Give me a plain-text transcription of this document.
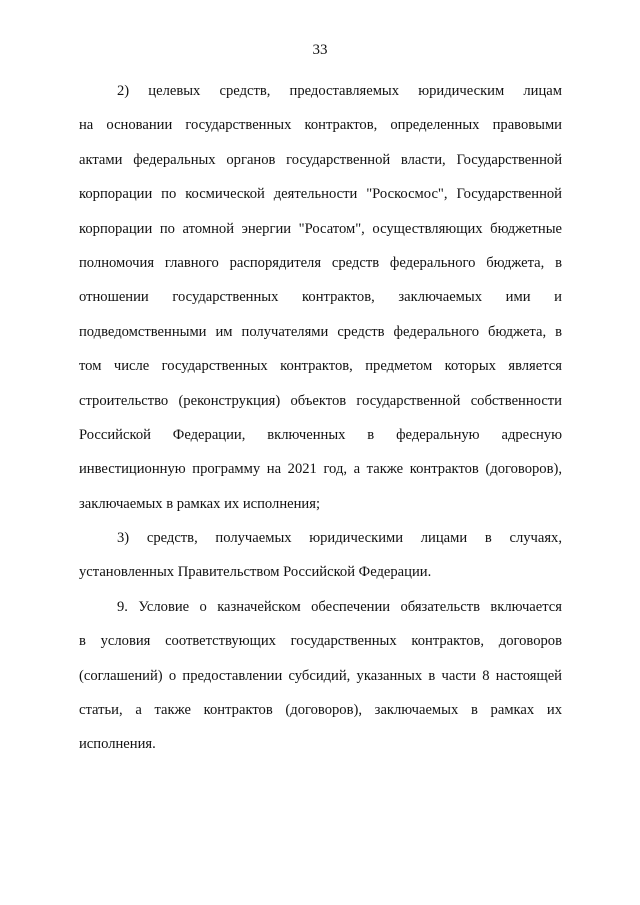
33
2) целевых средств, предоставляемых юридическим лицам
на основании государственных контрактов, определенных правовыми
актами федеральных органов государственной власти, Государственной
корпорации по космической деятельности "Роскосмос", Государственной
корпорации по атомной энергии "Росатом", осуществляющих бюджетные
полномочия главного распорядителя средств федерального бюджета, в
отношении государственных контрактов, заключаемых ими и
подведомственными им получателями средств федерального бюджета, в
том числе государственных контрактов, предметом которых является
строительство (реконструкция) объектов государственной собственности
Российской Федерации, включенных в федеральную адресную
инвестиционную программу на 2021 год, а также контрактов (договоров),
заключаемых в рамках их исполнения;
3) средств, получаемых юридическими лицами в случаях,
установленных Правительством Российской Федерации.
9. Условие о казначейском обеспечении обязательств включается
в условия соответствующих государственных контрактов, договоров
(соглашений) о предоставлении субсидий, указанных в части 8 настоящей
статьи, а также контрактов (договоров), заключаемых в рамках их
исполнения.
